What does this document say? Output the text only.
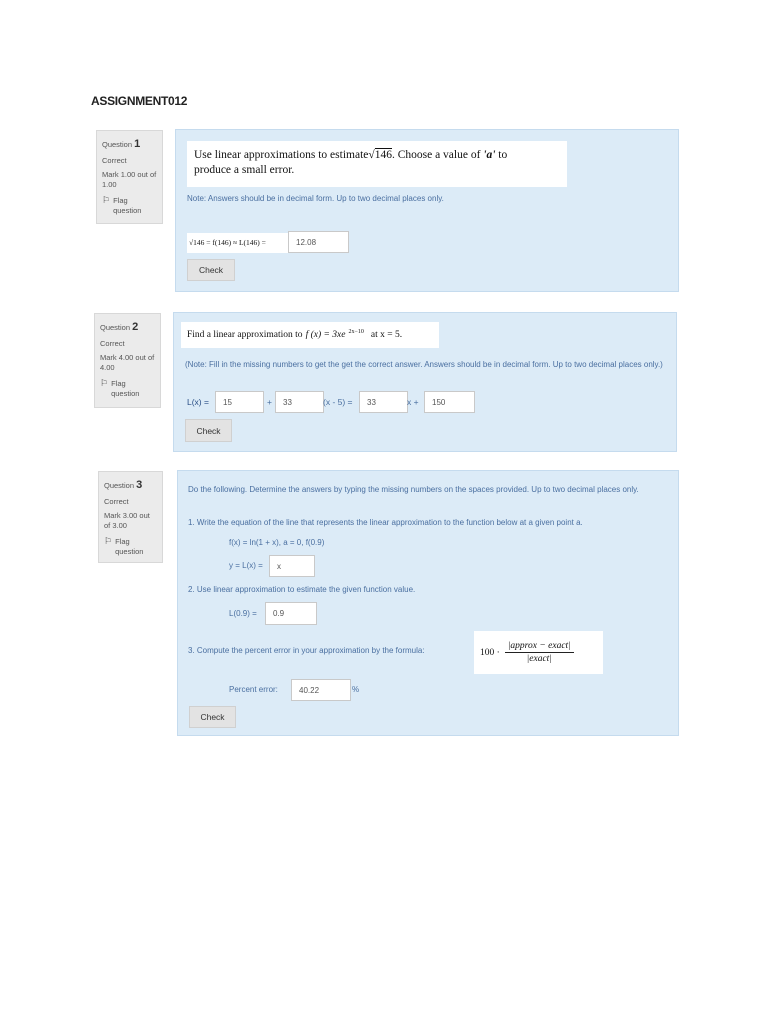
ASSIGNMENT012
Question 1
Correct
Mark 1.00 out of 1.00
⚐ Flag question
Use linear approximations to estimate√146. Choose a value of 'a' to
produce a small error.
Note: Answers should be in decimal form. Up to two decimal places only.
√146 = f(146) ≈ L(146) =	12.08
Check
Question 2
Correct
Mark 4.00 out of 4.00
⚐ Flag question
Find a linear approximation to f (x) = 3xe $^{2x-10}$ at x = 5.
(Note: Fill in the missing numbers to get the get the correct answer. Answers should be in decimal form. Up to two decimal places only.)
L(x) =	15	+	33	(x - 5) =	33	x +	150
Check
Question 3
Correct
Mark 3.00 out of 3.00
⚐ Flag question
Do the following. Determine the answers by typing the missing numbers on the spaces provided. Up to two decimal places only.
1. Write the equation of the line that represents the linear approximation to the function below at a given point a.
f(x) = ln(1 + x), a = 0, f(0.9)
y = L(x) =	x
2. Use linear approximation to estimate the given function value.
L(0.9) =	0.9
3. Compute the percent error in your approximation by the formula:	$100 \cdot \frac{\text{|approx − exact|}}{\text{|exact|}}$
Percent error:	40.22	%
Check
